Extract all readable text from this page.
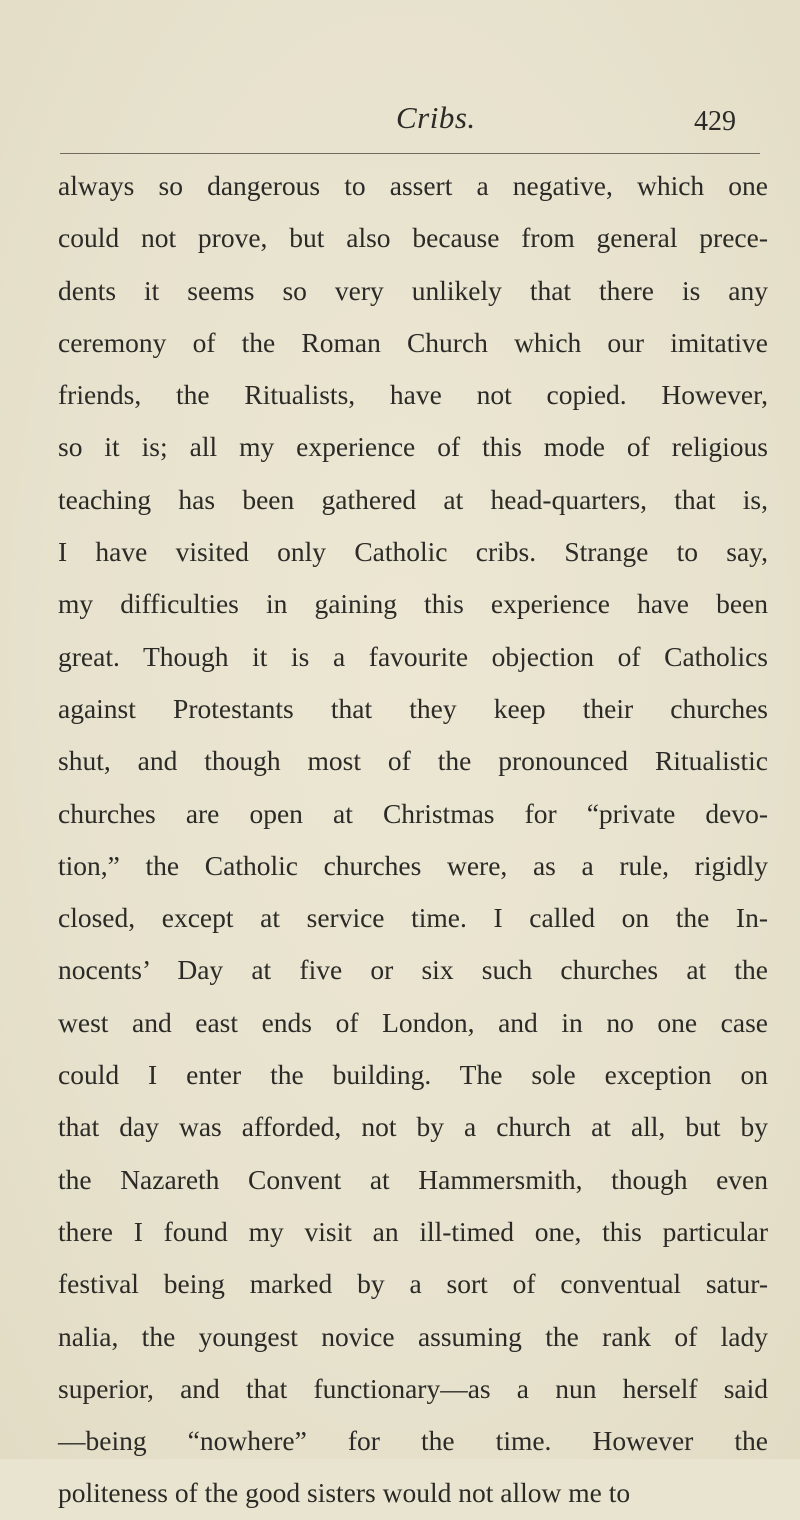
Cribs.	429
always so dangerous to assert a negative, which one
could not prove, but also because from general prece-
dents it seems so very unlikely that there is any
ceremony of the Roman Church which our imitative
friends, the Ritualists, have not copied. However,
so it is; all my experience of this mode of religious
teaching has been gathered at head-quarters, that is,
I have visited only Catholic cribs. Strange to say,
my difficulties in gaining this experience have been
great. Though it is a favourite objection of Catholics
against Protestants that they keep their churches
shut, and though most of the pronounced Ritualistic
churches are open at Christmas for “private devo-
tion,” the Catholic churches were, as a rule, rigidly
closed, except at service time. I called on the In-
nocents’ Day at five or six such churches at the
west and east ends of London, and in no one case
could I enter the building. The sole exception on
that day was afforded, not by a church at all, but by
the Nazareth Convent at Hammersmith, though even
there I found my visit an ill-timed one, this particular
festival being marked by a sort of conventual satur-
nalia, the youngest novice assuming the rank of lady
superior, and that functionary—as a nun herself said
—being “nowhere” for the time. However the
politeness of the good sisters would not allow me to
